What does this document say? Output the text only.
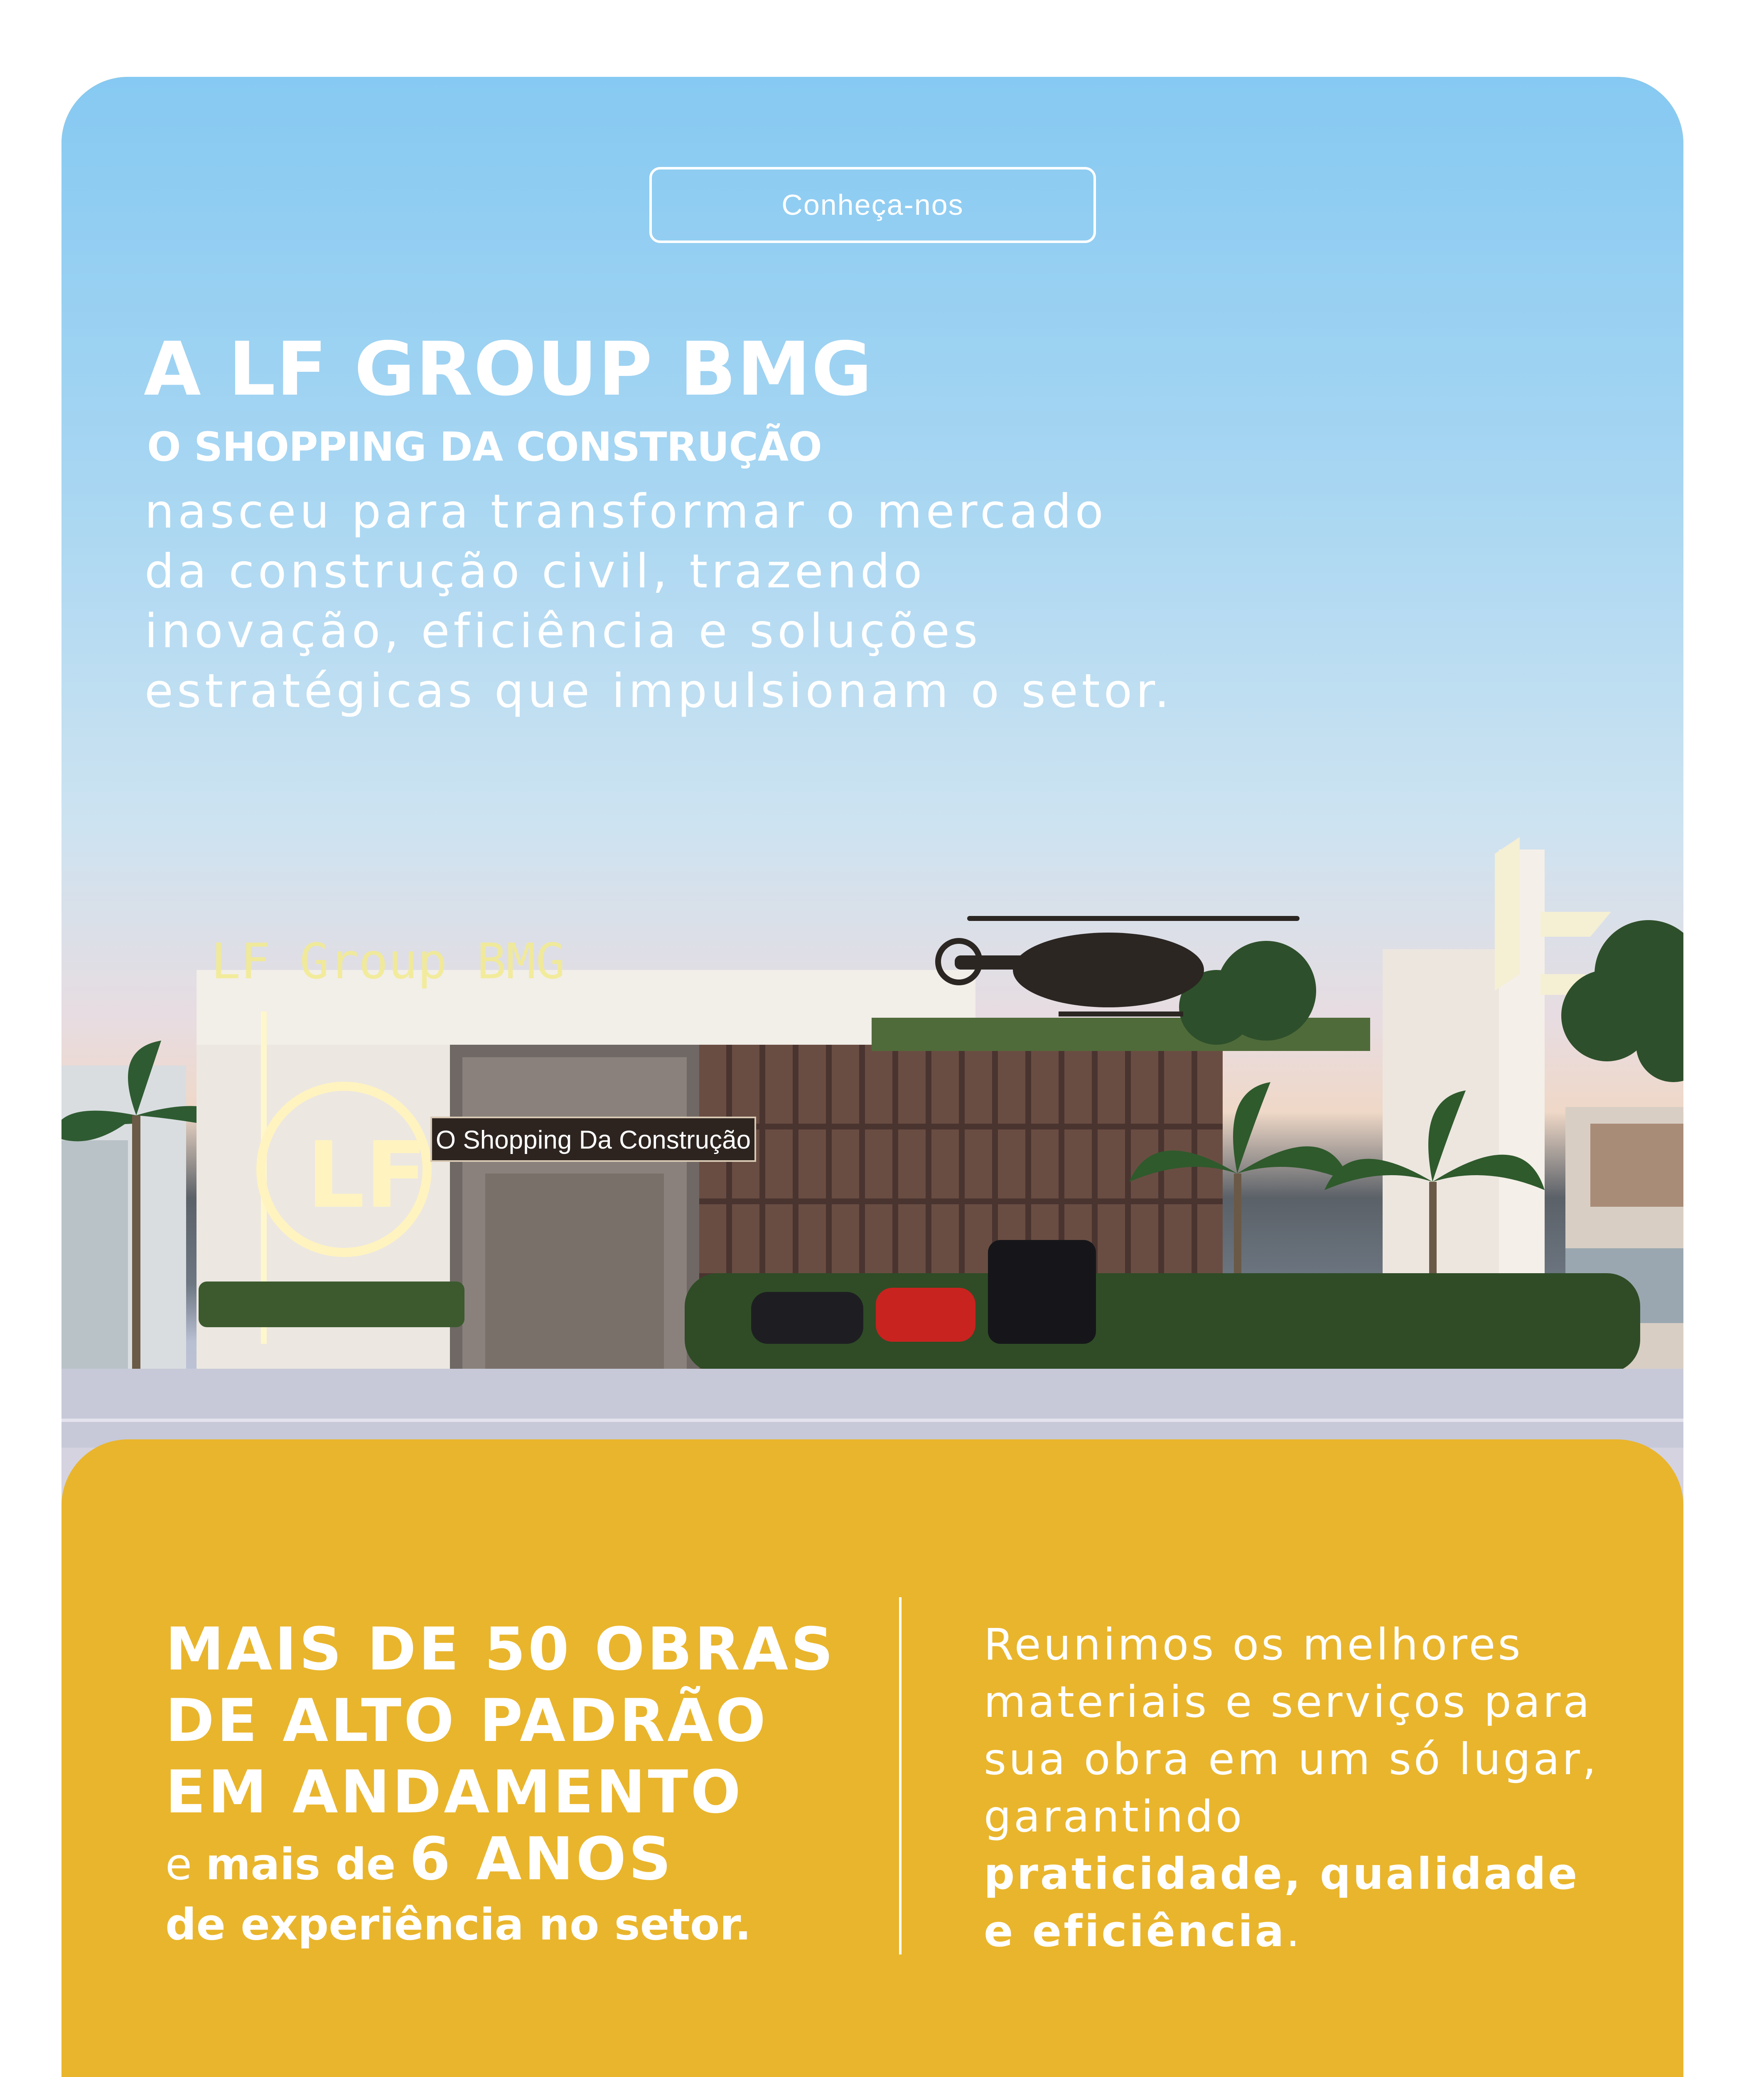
LF
LF Group BMG
O Shopping Da Construção
Conheça-nos
A LF GROUP BMG
O SHOPPING DA CONSTRUÇÃO

nasceu para transformar o mercado da construção civil, trazendo inovação, eficiência e soluções estratégicas que impulsionam o setor.

MAIS DE 50 OBRAS
DE ALTO PADRÃO
EM ANDAMENTO
e mais de 6 ANOS
de experiência no setor.

Reunimos os melhores materiais e serviços para sua obra em um só lugar, garantindo praticidade, qualidade
e eficiência.
